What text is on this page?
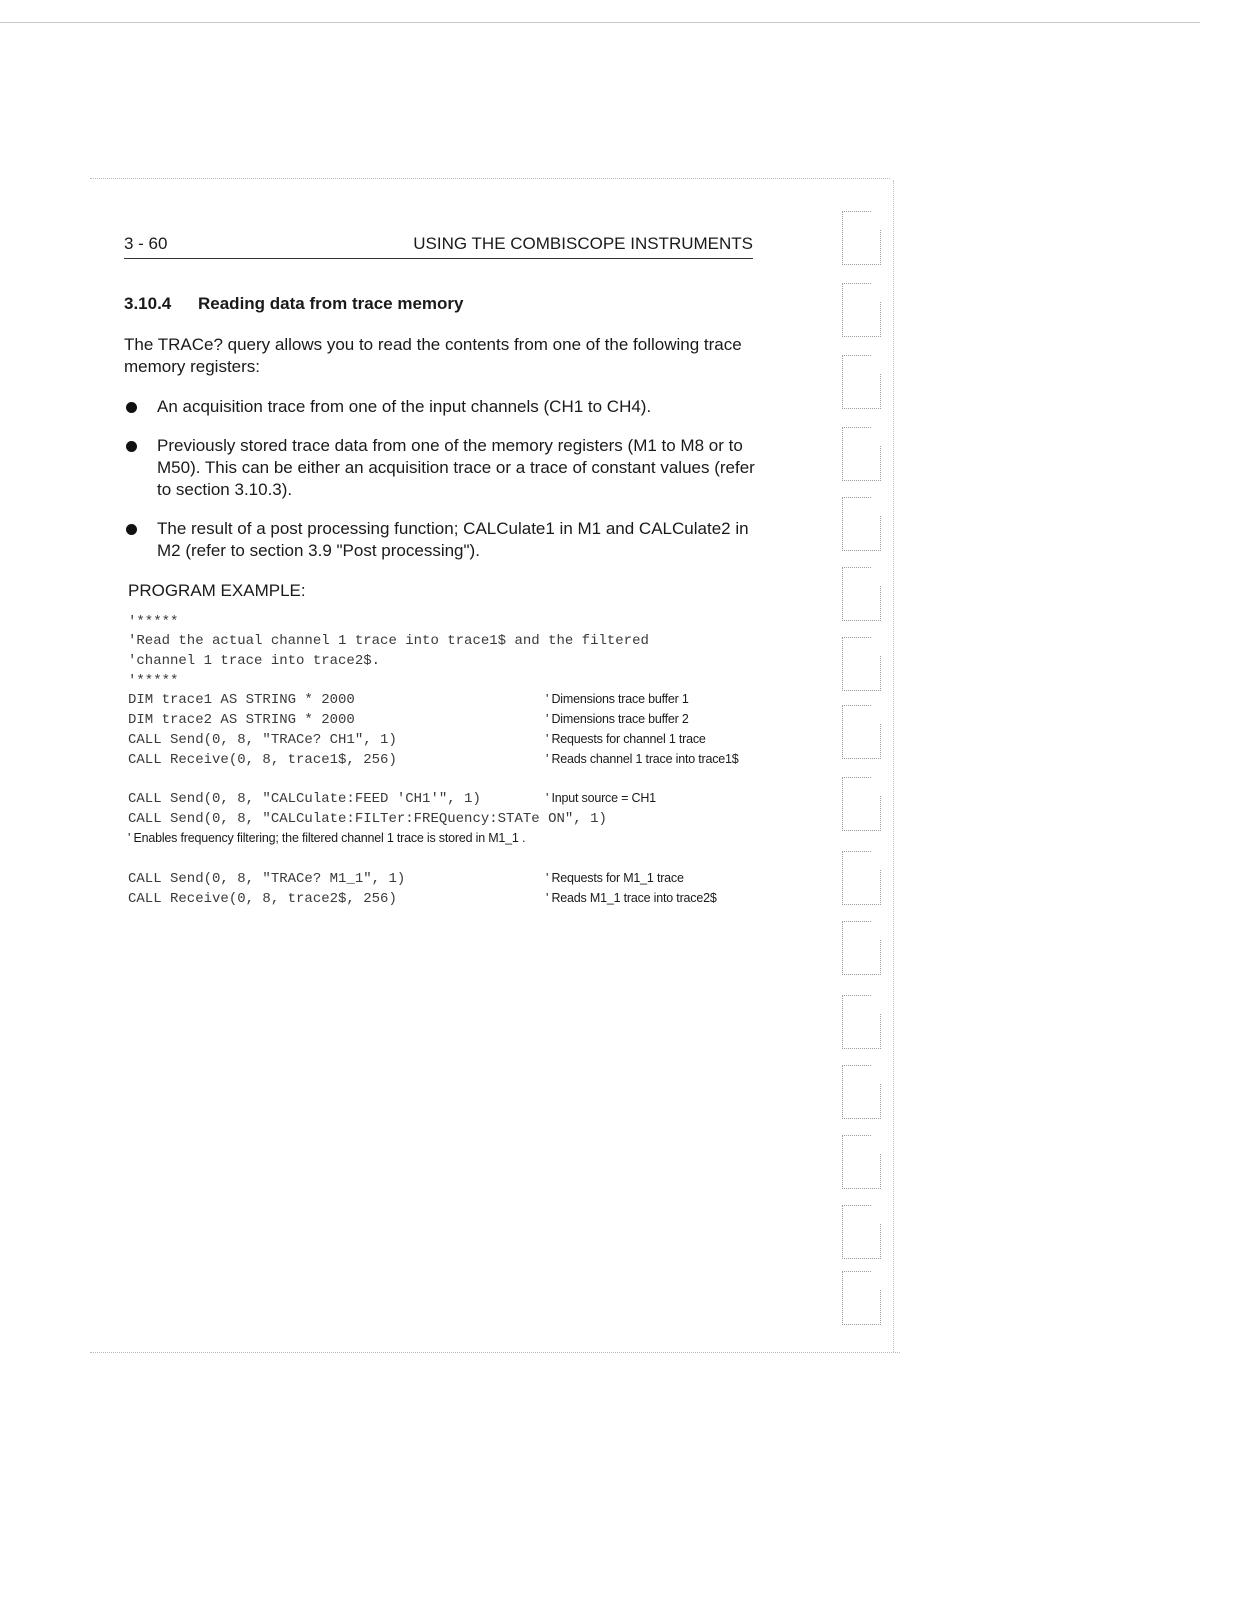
3 - 60	USING THE COMBISCOPE INSTRUMENTS
3.10.4 Reading data from trace memory
The TRACe? query allows you to read the contents from one of the following trace memory registers:
An acquisition trace from one of the input channels (CH1 to CH4).
Previously stored trace data from one of the memory registers (M1 to M8 or to M50). This can be either an acquisition trace or a trace of constant values (refer to section 3.10.3).
The result of a post processing function; CALCulate1 in M1 and CALCulate2 in M2 (refer to section 3.9 "Post processing").
PROGRAM EXAMPLE:
'*****
'Read the actual channel 1 trace into trace1$ and the filtered
'channel 1 trace into trace2$.
'*****
DIM trace1 AS STRING * 2000
DIM trace2 AS STRING * 2000
CALL Send(0, 8, "TRACe? CH1", 1)
CALL Receive(0, 8, trace1$, 256)
CALL Send(0, 8, "CALCulate:FEED 'CH1'", 1)
CALL Send(0, 8, "CALCulate:FILTer:FREQuency:STATe ON", 1)
CALL Send(0, 8, "TRACe? M1_1", 1)
CALL Receive(0, 8, trace2$, 256)
' Dimensions trace buffer 1
' Dimensions trace buffer 2
' Requests for channel 1 trace
' Reads channel 1 trace into trace1$
' Input source = CH1
' Enables frequency filtering; the filtered channel 1 trace is stored in M1_1 .
' Requests for M1_1 trace
' Reads M1_1 trace into trace2$
